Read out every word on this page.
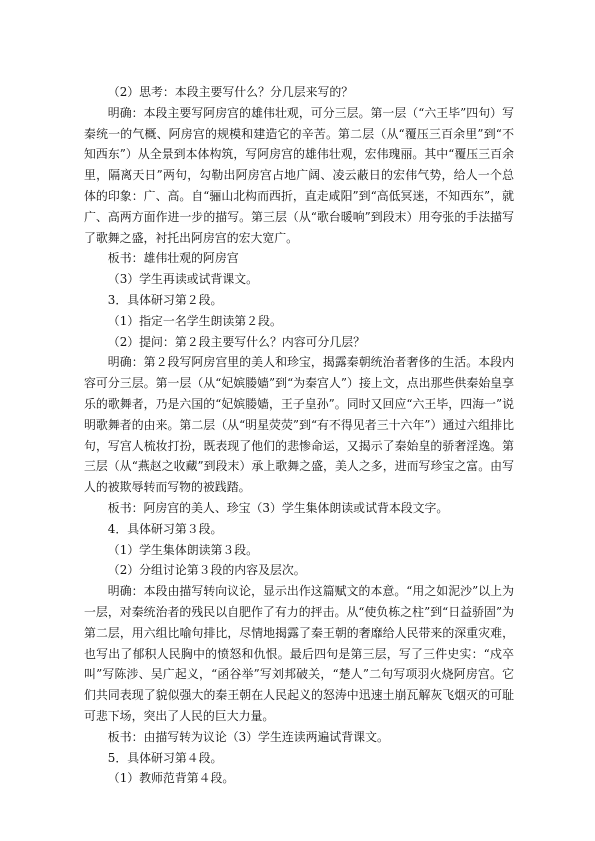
（2）思考：本段主要写什么？分几层来写的？

明确：本段主要写阿房宫的雄伟壮观，可分三层。第一层（“六王毕”四句）写秦统一的气概、阿房宫的规模和建造它的辛苦。第二层（从“覆压三百余里”到“不知西东”）从全景到本体构筑，写阿房宫的雄伟壮观，宏伟瑰丽。其中“覆压三百余里，隔离天日”两句，勾勒出阿房宫占地广阔、凌云蔽日的宏伟气势，给人一个总体的印象：广、高。自“骊山北构而西折，直走咸阳”到“高低冥迷，不知西东”，就广、高两方面作进一步的描写。第三层（从“歌台暖响”到段末）用夸张的手法描写了歌舞之盛，衬托出阿房宫的宏大宽广。

板书：雄伟壮观的阿房宫

（3）学生再读或试背课文。

3．具体研习第２段。

（1）指定一名学生朗读第２段。

（2）提问：第２段主要写什么？内容可分几层？

明确：第２段写阿房宫里的美人和珍宝，揭露秦朝统治者奢侈的生活。本段内容可分三层。第一层（从“妃嫔媵嫱”到“为秦宫人”）接上文，点出那些供秦始皇享乐的歌舞者，乃是六国的“妃嫔媵嫱，王子皇孙”。同时又回应“六王毕，四海一”说明歌舞者的由来。第二层（从“明星荧荧”到“有不得见者三十六年”）通过六组排比句，写宫人梳妆打扮，既表现了他们的悲惨命运，又揭示了秦始皇的骄奢淫逸。第三层（从“燕赵之收藏”到段末）承上歌舞之盛，美人之多，进而写珍宝之富。由写人的被欺辱转而写物的被践踏。

板书：阿房宫的美人、珍宝（3）学生集体朗读或试背本段文字。

4．具体研习第３段。

（1）学生集体朗读第３段。

（2）分组讨论第３段的内容及层次。

明确：本段由描写转向议论，显示出作这篇赋文的本意。“用之如泥沙”以上为一层，对秦统治者的残民以自肥作了有力的抨击。从“使负栋之柱”到“日益骄固”为第二层，用六组比喻句排比，尽情地揭露了秦王朝的奢靡给人民带来的深重灾难，也写出了郁积人民胸中的愤怒和仇恨。最后四句是第三层，写了三件史实：“戍卒叫”写陈涉、吴广起义，“函谷举”写刘邦破关，“楚人”二句写项羽火烧阿房宫。它们共同表现了貌似强大的秦王朝在人民起义的怒涛中迅速土崩瓦解灰飞烟灭的可耻可悲下场，突出了人民的巨大力量。

板书：由描写转为议论（3）学生连读两遍试背课文。

5．具体研习第４段。

（1）教师范背第４段。
